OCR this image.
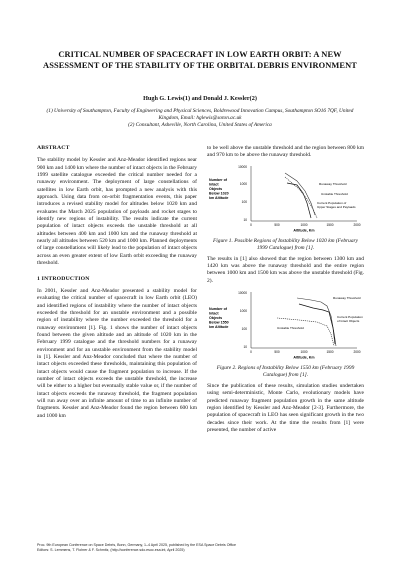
CRITICAL NUMBER OF SPACECRAFT IN LOW EARTH ORBIT: A NEW ASSESSMENT OF THE STABILITY OF THE ORBITAL DEBRIS ENVIRONMENT
Hugh G. Lewis(1) and Donald J. Kessler(2)
(1) University of Southampton, Faculty of Engineering and Physical Sciences, Boldrewood Innovation Campus, Southampton SO16 7QF, United Kingdom, Email: hglewis@soton.ac.uk
(2) Consultant, Asheville, North Carolina, United States of America
ABSTRACT

The stability model by Kessler and Anz-Meador identified regions near 900 km and 1400 km where the number of intact objects in the February 1999 satellite catalogue exceeded the critical number needed for a runaway environment. The deployment of large constellations of satellites in low Earth orbit, has prompted a new analysis with this approach. Using data from on-orbit fragmentation events, this paper introduces a revised stability model for altitudes below 1020 km and evaluates the March 2025 population of payloads and rocket stages to identify new regions of instability. The results indicate the current population of intact objects exceeds the unstable threshold at all altitudes between 400 km and 1000 km and the runaway threshold at nearly all altitudes between 520 km and 1000 km. Planned deployments of large constellations will likely lead to the population of intact objects across an even greater extent of low Earth orbit exceeding the runaway threshold.

1 INTRODUCTION

In 2001, Kessler and Anz-Meador presented a stability model for evaluating the critical number of spacecraft in low Earth orbit (LEO) and identified regions of instability where the number of intact objects exceeded the threshold for an unstable environment and a possible region of instability where the number exceeded the threshold for a runaway environment [1]. Fig. 1 shows the number of intact objects found between the given altitude and an altitude of 1020 km in the February 1999 catalogue and the threshold numbers for a runaway environment and for an unstable environment from the stability model in [1]. Kessler and Anz-Meador concluded that where the number of intact objects exceeded these thresholds, maintaining this population of intact objects would cause the fragment population to increase. If the number of intact objects exceeds the unstable threshold, the increase will be either to a higher but eventually stable value or, if the number of intact objects exceeds the runaway threshold, the fragment population will run away over an infinite amount of time to an infinite number of fragments. Kessler and Anz-Meador found the region between 600 km and 1000 km

to be well above the unstable threshold and the region between 800 km and 970 km to be above the runaway threshold.

Number of
Intact
Objects
Below 1020
km Altitude
10000
1000
100
10
0	500	1000	1500	2000
Altitude, Km
Runaway Threshold
Unstable Threshold
Current Population of
Upper Stages and Payloads
Figure 1. Possible Regions of Instability Below 1020 km (February 1999 Catalogue) from [1].

The results in [1] also showed that the region between 1300 km and 1420 km was above the runaway threshold and the entire region between 1000 km and 1500 km was above the unstable threshold (Fig. 2).

Number of
Intact
Objects
Below 1550
km Altitude
10000
1000
100
10
0	500	1000	1500	2000
Altitude, Km
Runaway Threshold
Unstable Threshold
Current Population
of Intact Objects
Figure 2. Regions of Instability Below 1550 km (February 1999 Catalogue) from [1].

Since the publication of these results, simulation studies undertaken using semi-deterministic, Monte Carlo, evolutionary models have predicted runaway fragment population growth in the same altitude region identified by Kessler and Anz-Meador [2-3]. Furthermore, the population of spacecraft in LEO has seen significant growth in the two decades since their work. At the time the results from [1] were presented, the number of active

Proc. 9th European Conference on Space Debris, Bonn, Germany, 1–4 April 2025, published by the ESA Space Debris Office
Editors: S. Lemmens, T. Flohrer & F. Schmitz, (http://conference.sdo.esoc.esa.int, April 2025)
